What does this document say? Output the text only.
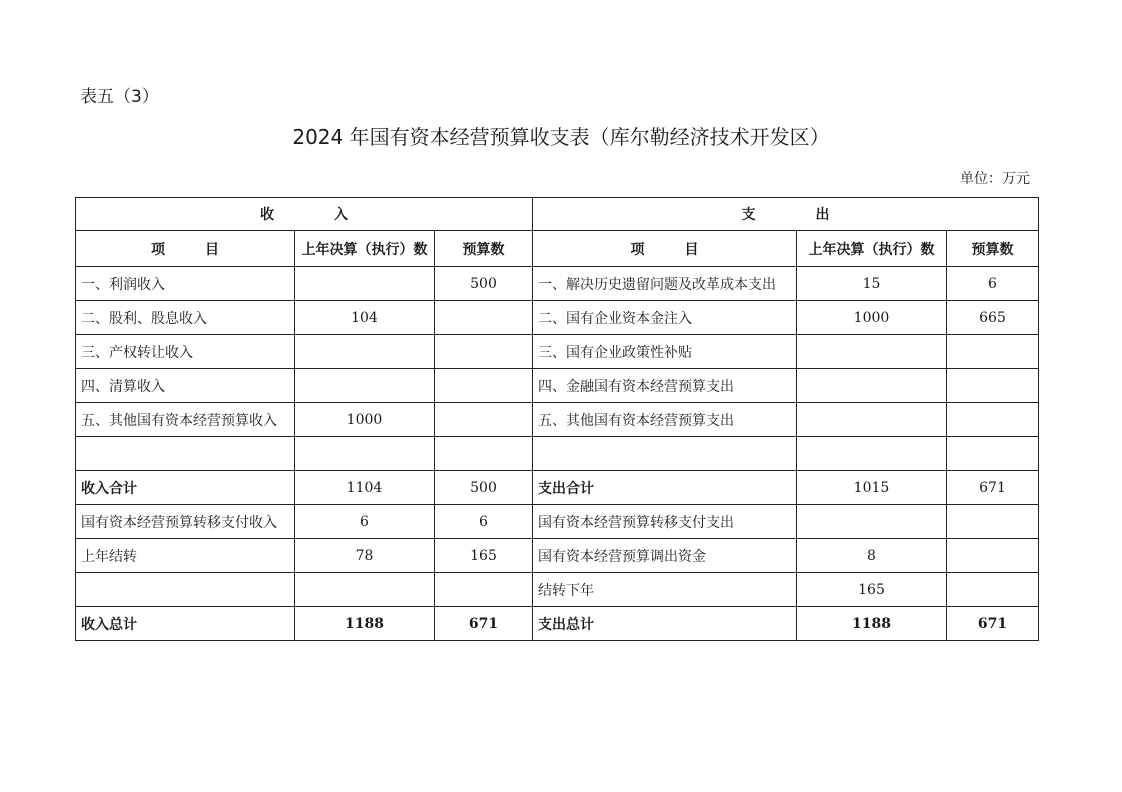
表五（3）
2024 年国有资本经营预算收支表（库尔勒经济技术开发区）
单位：万元
收入			支出		
项目	上年决算（执行）数	预算数	项目	上年决算（执行）数	预算数
一、利润收入		500	一、解决历史遗留问题及改革成本支出	15	6
二、股利、股息收入	104		二、国有企业资本金注入	1000	665
三、产权转让收入			三、国有企业政策性补贴		
四、清算收入			四、金融国有资本经营预算支出		
五、其他国有资本经营预算收入	1000		五、其他国有资本经营预算支出		

收入合计	1104	500	支出合计	1015	671
国有资本经营预算转移支付收入	6	6	国有资本经营预算转移支付支出		
上年结转	78	165	国有资本经营预算调出资金	8	
			结转下年	165	
收入总计	1188	671	支出总计	1188	671
